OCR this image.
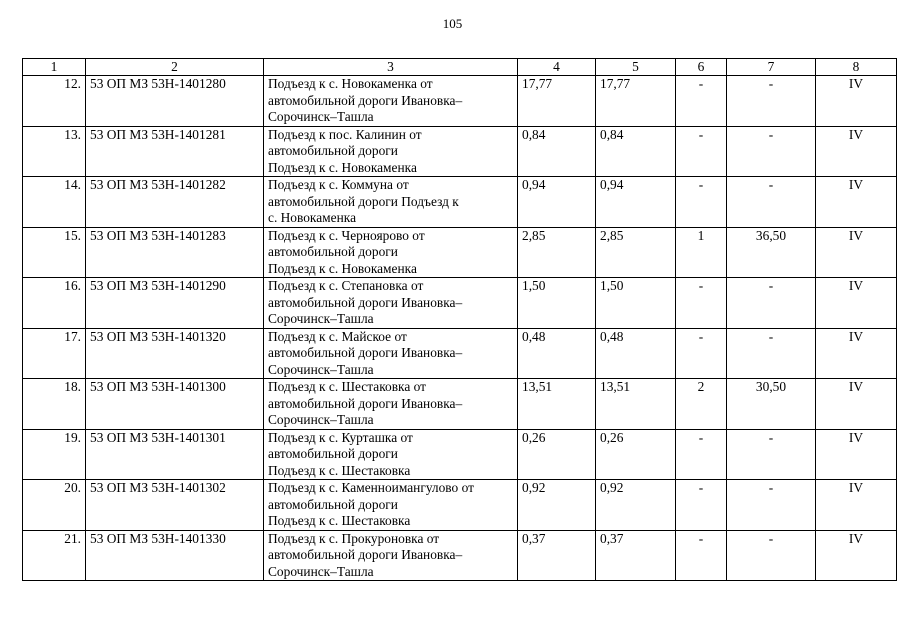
105
1	2	3	4	5	6	7	8
12.	53 ОП МЗ 53Н-1401280	Подъезд к с. Новокаменка от
автомобильной дороги Ивановка–
Сорочинск–Ташла	17,77	17,77	-	-	IV
13.	53 ОП МЗ 53Н-1401281	Подъезд к пос. Калинин от
автомобильной дороги
Подъезд к с. Новокаменка	0,84	0,84	-	-	IV
14.	53 ОП МЗ 53Н-1401282	Подъезд к с. Коммуна от
автомобильной дороги Подъезд к
с. Новокаменка	0,94	0,94	-	-	IV
15.	53 ОП МЗ 53Н-1401283	Подъезд к с. Черноярово от
автомобильной дороги
Подъезд к с. Новокаменка	2,85	2,85	1	36,50	IV
16.	53 ОП МЗ 53Н-1401290	Подъезд к с. Степановка от
автомобильной дороги Ивановка–
Сорочинск–Ташла	1,50	1,50	-	-	IV
17.	53 ОП МЗ 53Н-1401320	Подъезд к с. Майское от
автомобильной дороги Ивановка–
Сорочинск–Ташла	0,48	0,48	-	-	IV
18.	53 ОП МЗ 53Н-1401300	Подъезд к с. Шестаковка от
автомобильной дороги Ивановка–
Сорочинск–Ташла	13,51	13,51	2	30,50	IV
19.	53 ОП МЗ 53Н-1401301	Подъезд к с. Курташка от
автомобильной дороги
Подъезд к с. Шестаковка	0,26	0,26	-	-	IV
20.	53 ОП МЗ 53Н-1401302	Подъезд к с. Каменноимангулово от
автомобильной дороги
Подъезд к с. Шестаковка	0,92	0,92	-	-	IV
21.	53 ОП МЗ 53Н-1401330	Подъезд к с. Прокуроновка от
автомобильной дороги Ивановка–
Сорочинск–Ташла	0,37	0,37	-	-	IV
